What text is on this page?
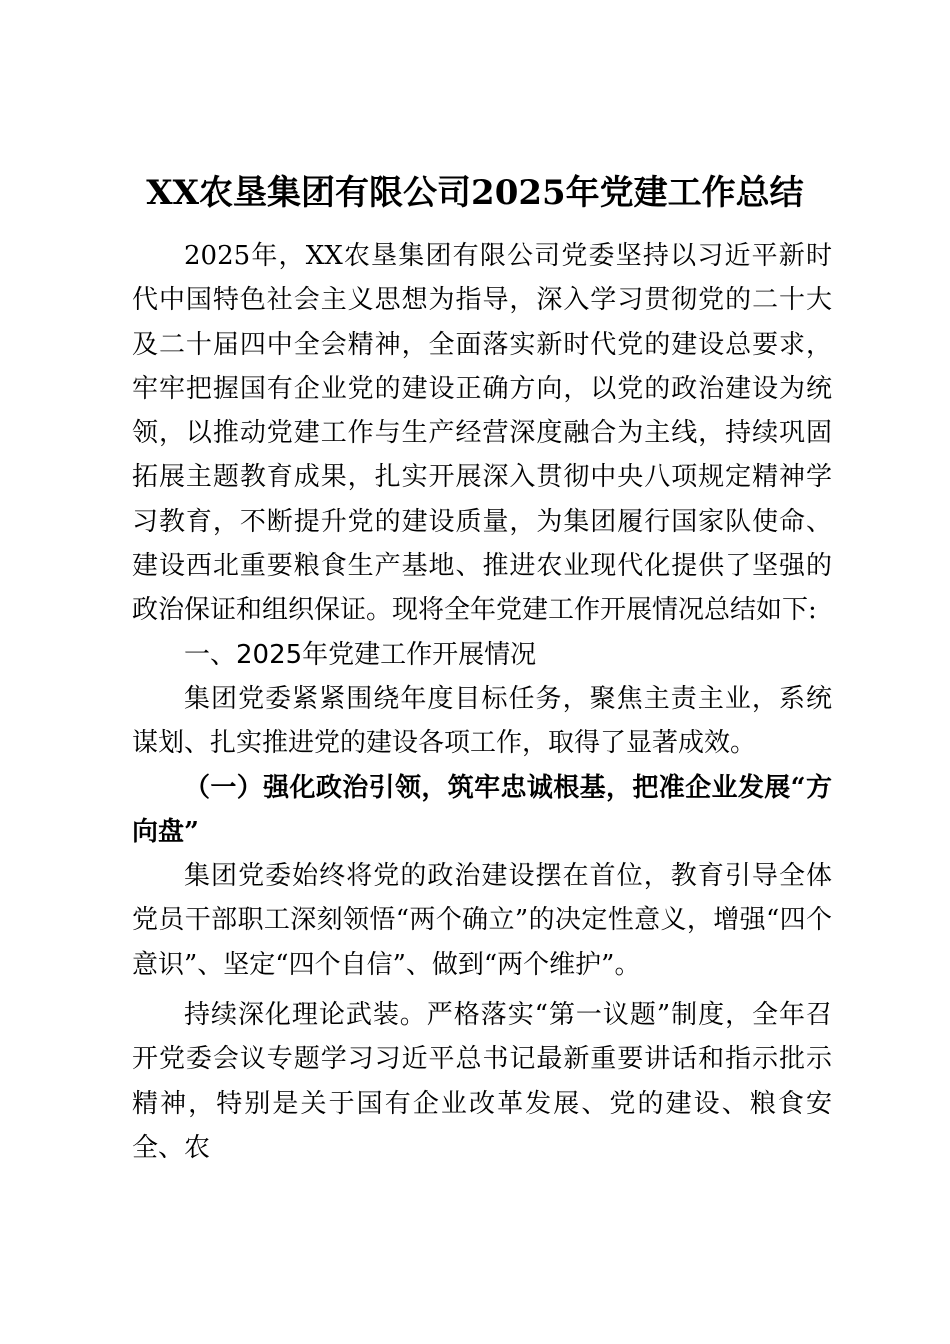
XX农垦集团有限公司2025年党建工作总结

2025年，XX农垦集团有限公司党委坚持以习近平新时代中国特色社会主义思想为指导，深入学习贯彻党的二十大及二十届四中全会精神，全面落实新时代党的建设总要求，牢牢把握国有企业党的建设正确方向，以党的政治建设为统领，以推动党建工作与生产经营深度融合为主线，持续巩固拓展主题教育成果，扎实开展深入贯彻中央八项规定精神学习教育，不断提升党的建设质量，为集团履行国家队使命、建设西北重要粮食生产基地、推进农业现代化提供了坚强的政治保证和组织保证。现将全年党建工作开展情况总结如下:

一、2025年党建工作开展情况

集团党委紧紧围绕年度目标任务，聚焦主责主业，系统谋划、扎实推进党的建设各项工作，取得了显著成效。

（一）强化政治引领，筑牢忠诚根基，把准企业发展“方向盘”

集团党委始终将党的政治建设摆在首位，教育引导全体党员干部职工深刻领悟“两个确立”的决定性意义，增强“四个意识”、坚定“四个自信”、做到“两个维护”。

持续深化理论武装。严格落实“第一议题”制度，全年召开党委会议专题学习习近平总书记最新重要讲话和指示批示精神，特别是关于国有企业改革发展、党的建设、粮食安全、农
